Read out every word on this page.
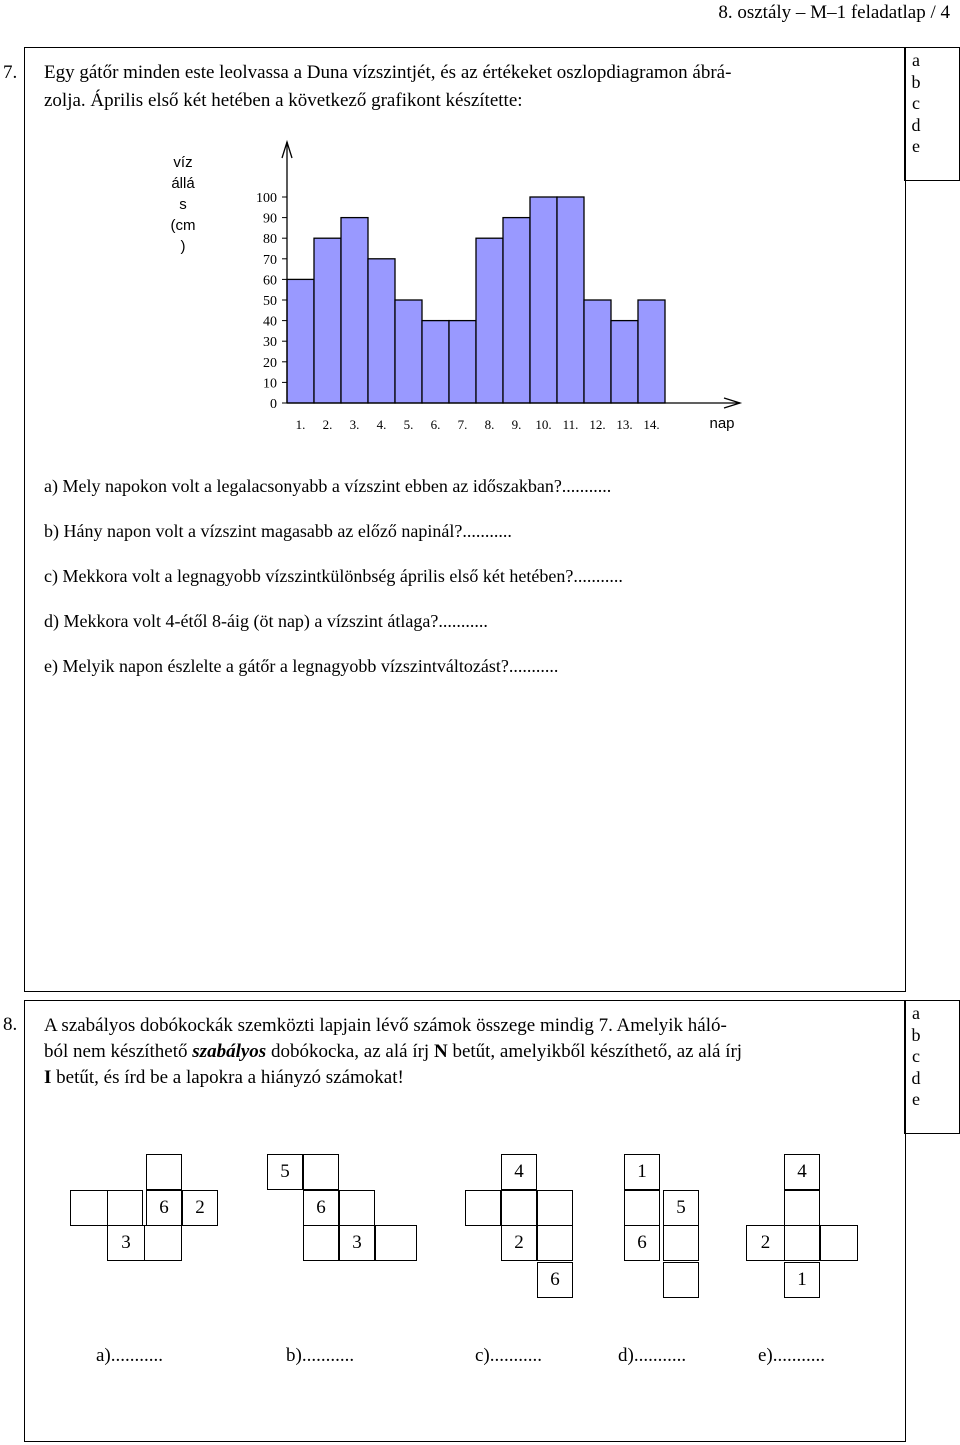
8. osztály – M–1 feladatlap / 4
a
b
c
d
e
7. Egy gátőr minden este leolvassa a Duna vízszintjét, és az értékeket oszlopdiagramon ábrá-
zolja. Április első két hetében a következő grafikont készítette:
víz
állá
s
(cm
)
100
90
80
70
60
50
40
30
20
10
0
1. 2. 3. 4. 5. 6. 7. 8. 9. 10. 11. 12. 13. 14.	nap
a) Mely napokon volt a legalacsonyabb a vízszint ebben az időszakban?...........
b) Hány napon volt a vízszint magasabb az előző napinál?...........
c) Mekkora volt a legnagyobb vízszintkülönbség április első két hetében?...........
d) Mekkora volt 4-étől 8-áig (öt nap) a vízszint átlaga?...........
e) Melyik napon észlelte a gátőr a legnagyobb vízszintváltozást?...........
a
b
c
d
e
8. A szabályos dobókockák szemközti lapjain lévő számok összege mindig 7. Amelyik háló-
ból nem készíthető szabályos dobókocka, az alá írj N betűt, amelyikből készíthető, az alá írj
I betűt, és írd be a lapokra a hiányzó számokat!
6	2
3
5
6
3
4
2
6
1
5
6
4
2
1
a)...........	b)...........	c)...........	d)...........	e)...........
